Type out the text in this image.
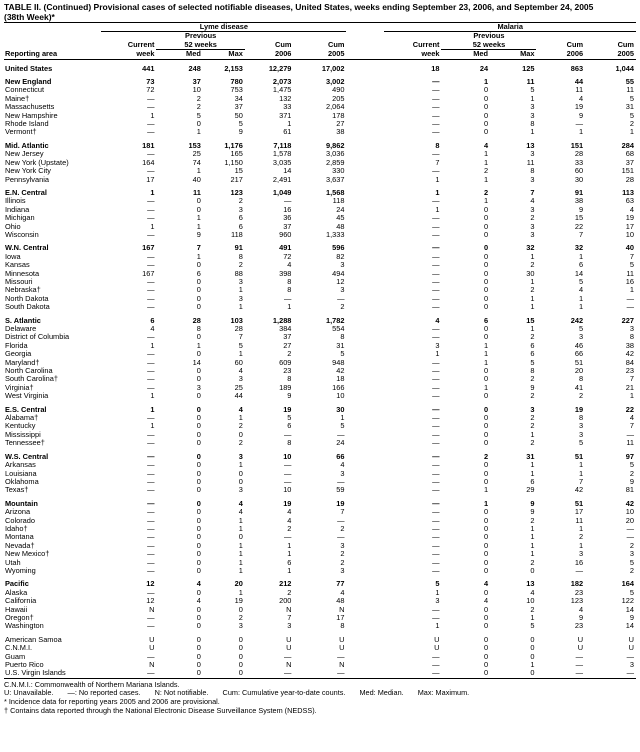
TABLE II. (Continued) Provisional cases of selected notifiable diseases, United States, weeks ending September 23, 2006, and September 24, 2005
(38th Week)*

	Lyme disease					Malaria				

		Previous					Previous			
	Current	52 weeks		Cum	Cum	Current	52 weeks		Cum	Cum
Reporting area	week	Med	Max	2006	2005	week	Med	Max	2006	2005

United States	441	248	2,153	12,279	17,002	18	24	125	863	1,044

New England	73	37	780	2,073	3,002	—	1	11	44	55
Connecticut	72	10	753	1,475	490	—	0	5	11	11
Maine†	—	2	34	132	205	—	0	1	4	5
Massachusetts	—	2	37	33	2,064	—	0	3	19	31
New Hampshire	1	5	50	371	178	—	0	3	9	5
Rhode Island	—	0	5	1	27	—	0	8	—	2
Vermont†	—	1	9	61	38	—	0	1	1	1

Mid. Atlantic	181	153	1,176	7,118	9,862	8	4	13	151	284
New Jersey	—	25	165	1,578	3,036	—	1	3	28	68
New York (Upstate)	164	74	1,150	3,035	2,859	7	1	11	33	37
New York City	—	1	15	14	330	—	2	8	60	151
Pennsylvania	17	40	217	2,491	3,637	1	1	3	30	28

E.N. Central	1	11	123	1,049	1,568	1	2	7	91	113
Illinois	—	0	2	—	118	—	1	4	38	63
Indiana	—	0	3	16	24	1	0	3	9	4
Michigan	—	1	6	36	45	—	0	2	15	19
Ohio	1	1	6	37	48	—	0	3	22	17
Wisconsin	—	9	118	960	1,333	—	0	3	7	10

W.N. Central	167	7	91	491	596	—	0	32	32	40
Iowa	—	1	8	72	82	—	0	1	1	7
Kansas	—	0	2	4	3	—	0	2	6	5
Minnesota	167	6	88	398	494	—	0	30	14	11
Missouri	—	0	3	8	12	—	0	1	5	16
Nebraska†	—	0	1	8	3	—	0	2	4	1
North Dakota	—	0	3	—	—	—	0	1	1	—
South Dakota	—	0	1	1	2	—	0	1	1	—

S. Atlantic	6	28	103	1,288	1,782	4	6	15	242	227
Delaware	4	8	28	384	554	—	0	1	5	3
District of Columbia	—	0	7	37	8	—	0	2	3	8
Florida	1	1	5	27	31	3	1	6	46	38
Georgia	—	0	1	2	5	1	1	6	66	42
Maryland†	—	14	60	609	948	—	1	5	51	84
North Carolina	—	0	4	23	42	—	0	8	20	23
South Carolina†	—	0	3	8	18	—	0	2	8	7
Virginia†	—	3	25	189	166	—	1	9	41	21
West Virginia	1	0	44	9	10	—	0	2	2	1

E.S. Central	1	0	4	19	30	—	0	3	19	22
Alabama†	—	0	1	5	1	—	0	2	8	4
Kentucky	1	0	2	6	5	—	0	2	3	7
Mississippi	—	0	0	—	—	—	0	1	3	—
Tennessee†	—	0	2	8	24	—	0	2	5	11

W.S. Central	—	0	3	10	66	—	2	31	51	97
Arkansas	—	0	1	—	4	—	0	1	1	5
Louisiana	—	0	0	—	3	—	0	1	1	2
Oklahoma	—	0	0	—	—	—	0	6	7	9
Texas†	—	0	3	10	59	—	1	29	42	81

Mountain	—	0	4	19	19	—	1	9	51	42
Arizona	—	0	4	4	7	—	0	9	17	10
Colorado	—	0	1	4	—	—	0	2	11	20
Idaho†	—	0	1	2	2	—	0	1	1	—
Montana	—	0	0	—	—	—	0	1	2	—
Nevada†	—	0	1	1	3	—	0	1	1	2
New Mexico†	—	0	1	1	2	—	0	1	3	3
Utah	—	0	1	6	2	—	0	2	16	5
Wyoming	—	0	1	1	3	—	0	0	—	2

Pacific	12	4	20	212	77	5	4	13	182	164
Alaska	—	0	1	2	4	1	0	4	23	5
California	12	4	19	200	48	3	4	10	123	122
Hawaii	N	0	0	N	N	—	0	2	4	14
Oregon†	—	0	2	7	17	—	0	1	9	9
Washington	—	0	3	3	8	1	0	5	23	14

American Samoa	U	0	0	U	U	U	0	0	U	U
C.N.M.I.	U	0	0	U	U	U	0	0	U	U
Guam	—	0	0	—	—	—	0	0	—	—
Puerto Rico	N	0	0	N	N	—	0	1	—	3
U.S. Virgin Islands	—	0	0	—	—	—	0	0	—	—
C.N.M.I.: Commonwealth of Northern Mariana Islands.
U: Unavailable. —: No reported cases. N: Not notifiable. Cum: Cumulative year-to-date counts. Med: Median. Max: Maximum.
* Incidence data for reporting years 2005 and 2006 are provisional.
† Contains data reported through the National Electronic Disease Surveillance System (NEDSS).
